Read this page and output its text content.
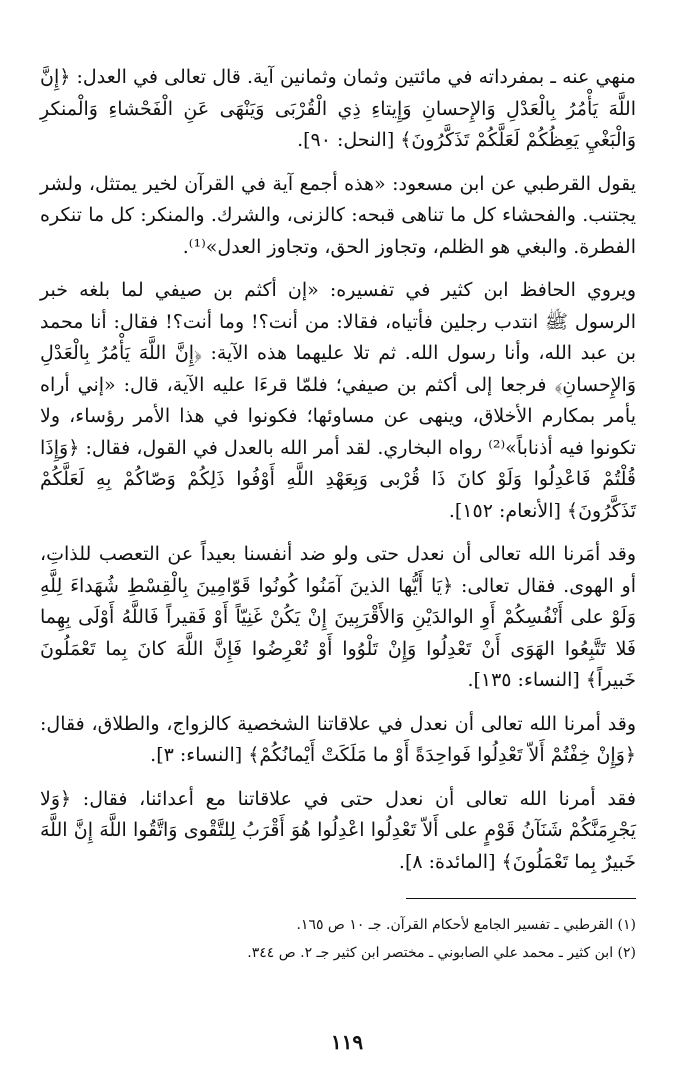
منهي عنه ـ بمفرداته في مائتين وثمان وثمانين آية. قال تعالى في العدل: ﴿إِنَّ اللَّهَ يَأْمُرُ بِالْعَدْلِ وَالإِحسانِ وَإِيتاءِ ذِي الْقُرْبَى وَيَنْهَى عَنِ الْفَحْشاءِ وَالْمنكرِ وَالْبَغْيِ يَعِظُكُمْ لَعَلَّكُمْ تَذَكَّرُونَ﴾ [النحل: ٩٠].

يقول القرطبي عن ابن مسعود: «هذه أجمع آية في القرآن لخير يمتثل، ولشر يجتنب. والفحشاء كل ما تناهى قبحه: كالزنى، والشرك. والمنكر: كل ما تنكره الفطرة. والبغي هو الظلم، وتجاوز الحق، وتجاوز العدل»⁽¹⁾.

ويروي الحافظ ابن كثير في تفسيره: «إن أكثم بن صيفي لما بلغه خبر الرسول ﷺ انتدب رجلين فأتياه، فقالا: من أنت؟! وما أنت؟! فقال: أنا محمد بن عبد الله، وأنا رسول الله. ثم تلا عليهما هذه الآية: ﴿إِنَّ اللَّهَ يَأْمُرُ بِالْعَدْلِ وَالإِحسانِ﴾ فرجعا إلى أكثم بن صيفي؛ فلمّا قرءَا عليه الآية، قال: «إني أراه يأمر بمكارم الأخلاق، وينهى عن مساوئها؛ فكونوا في هذا الأمر رؤساء، ولا تكونوا فيه أذناباً»⁽²⁾ رواه البخاري. لقد أمر الله بالعدل في القول، فقال: ﴿وَإِذَا قُلْتُمْ فَاعْدِلُوا وَلَوْ كانَ ذَا قُرْبى وَبِعَهْدِ اللَّهِ أَوْفُوا ذَلِكُمْ وَصّاكُمْ بِهِ لَعَلَّكُمْ تَذَكَّرُونَ﴾ [الأنعام: ١٥٢].

وقد أمَرنا الله تعالى أن نعدل حتى ولو ضد أنفسنا بعيداً عن التعصب للذاتِ، أو الهوى. فقال تعالى: ﴿يَا أَيُّها الذينَ آمَنُوا كُونُوا قَوّامِينَ بِالْقِسْطِ شُهَداءَ لِلَّهِ وَلَوْ على أَنْفُسِكُمْ أَوِ الوالدَيْنِ وَالأَقْرَبِينَ إِنْ يَكُنْ غَنِيّاً أَوْ فَقيراً فَاللَّهُ أَوْلَى بِهِما فَلا تَتَّبِعُوا الهَوَى أَنْ تَعْدِلُوا وَإِنْ تَلْوُوا أَوْ تُعْرِضُوا فَإِنَّ اللَّهَ كانَ بِما تَعْمَلُونَ خَبيراً﴾ [النساء: ١٣٥].

وقد أمرنا الله تعالى أن نعدل في علاقاتنا الشخصية كالزواج، والطلاق، فقال: ﴿وَإِنْ خِفْتُمْ أَلاّ تَعْدِلُوا فَواحِدَةً أَوْ ما مَلَكَتْ أَيْمانُكُمْ﴾ [النساء: ٣].

فقد أمرنا الله تعالى أن نعدل حتى في علاقاتنا مع أعدائنا، فقال: ﴿وَلا يَجْرِمَنَّكُمْ شَنَآنُ قَوْمٍ على أَلاّ تَعْدِلُوا اعْدِلُوا هُوَ أَقْرَبُ لِلتَّقْوى وَاتَّقُوا اللَّهَ إِنَّ اللَّهَ خَبيرٌ بِما تَعْمَلُونَ﴾ [المائدة: ٨].

(١) القرطبي ـ تفسير الجامع لأحكام القرآن. جـ ١٠ ص ١٦٥.

(٢) ابن كثير ـ محمد علي الصابوني ـ مختصر ابن كثير جـ ٢. ص ٣٤٤.

١١٩
